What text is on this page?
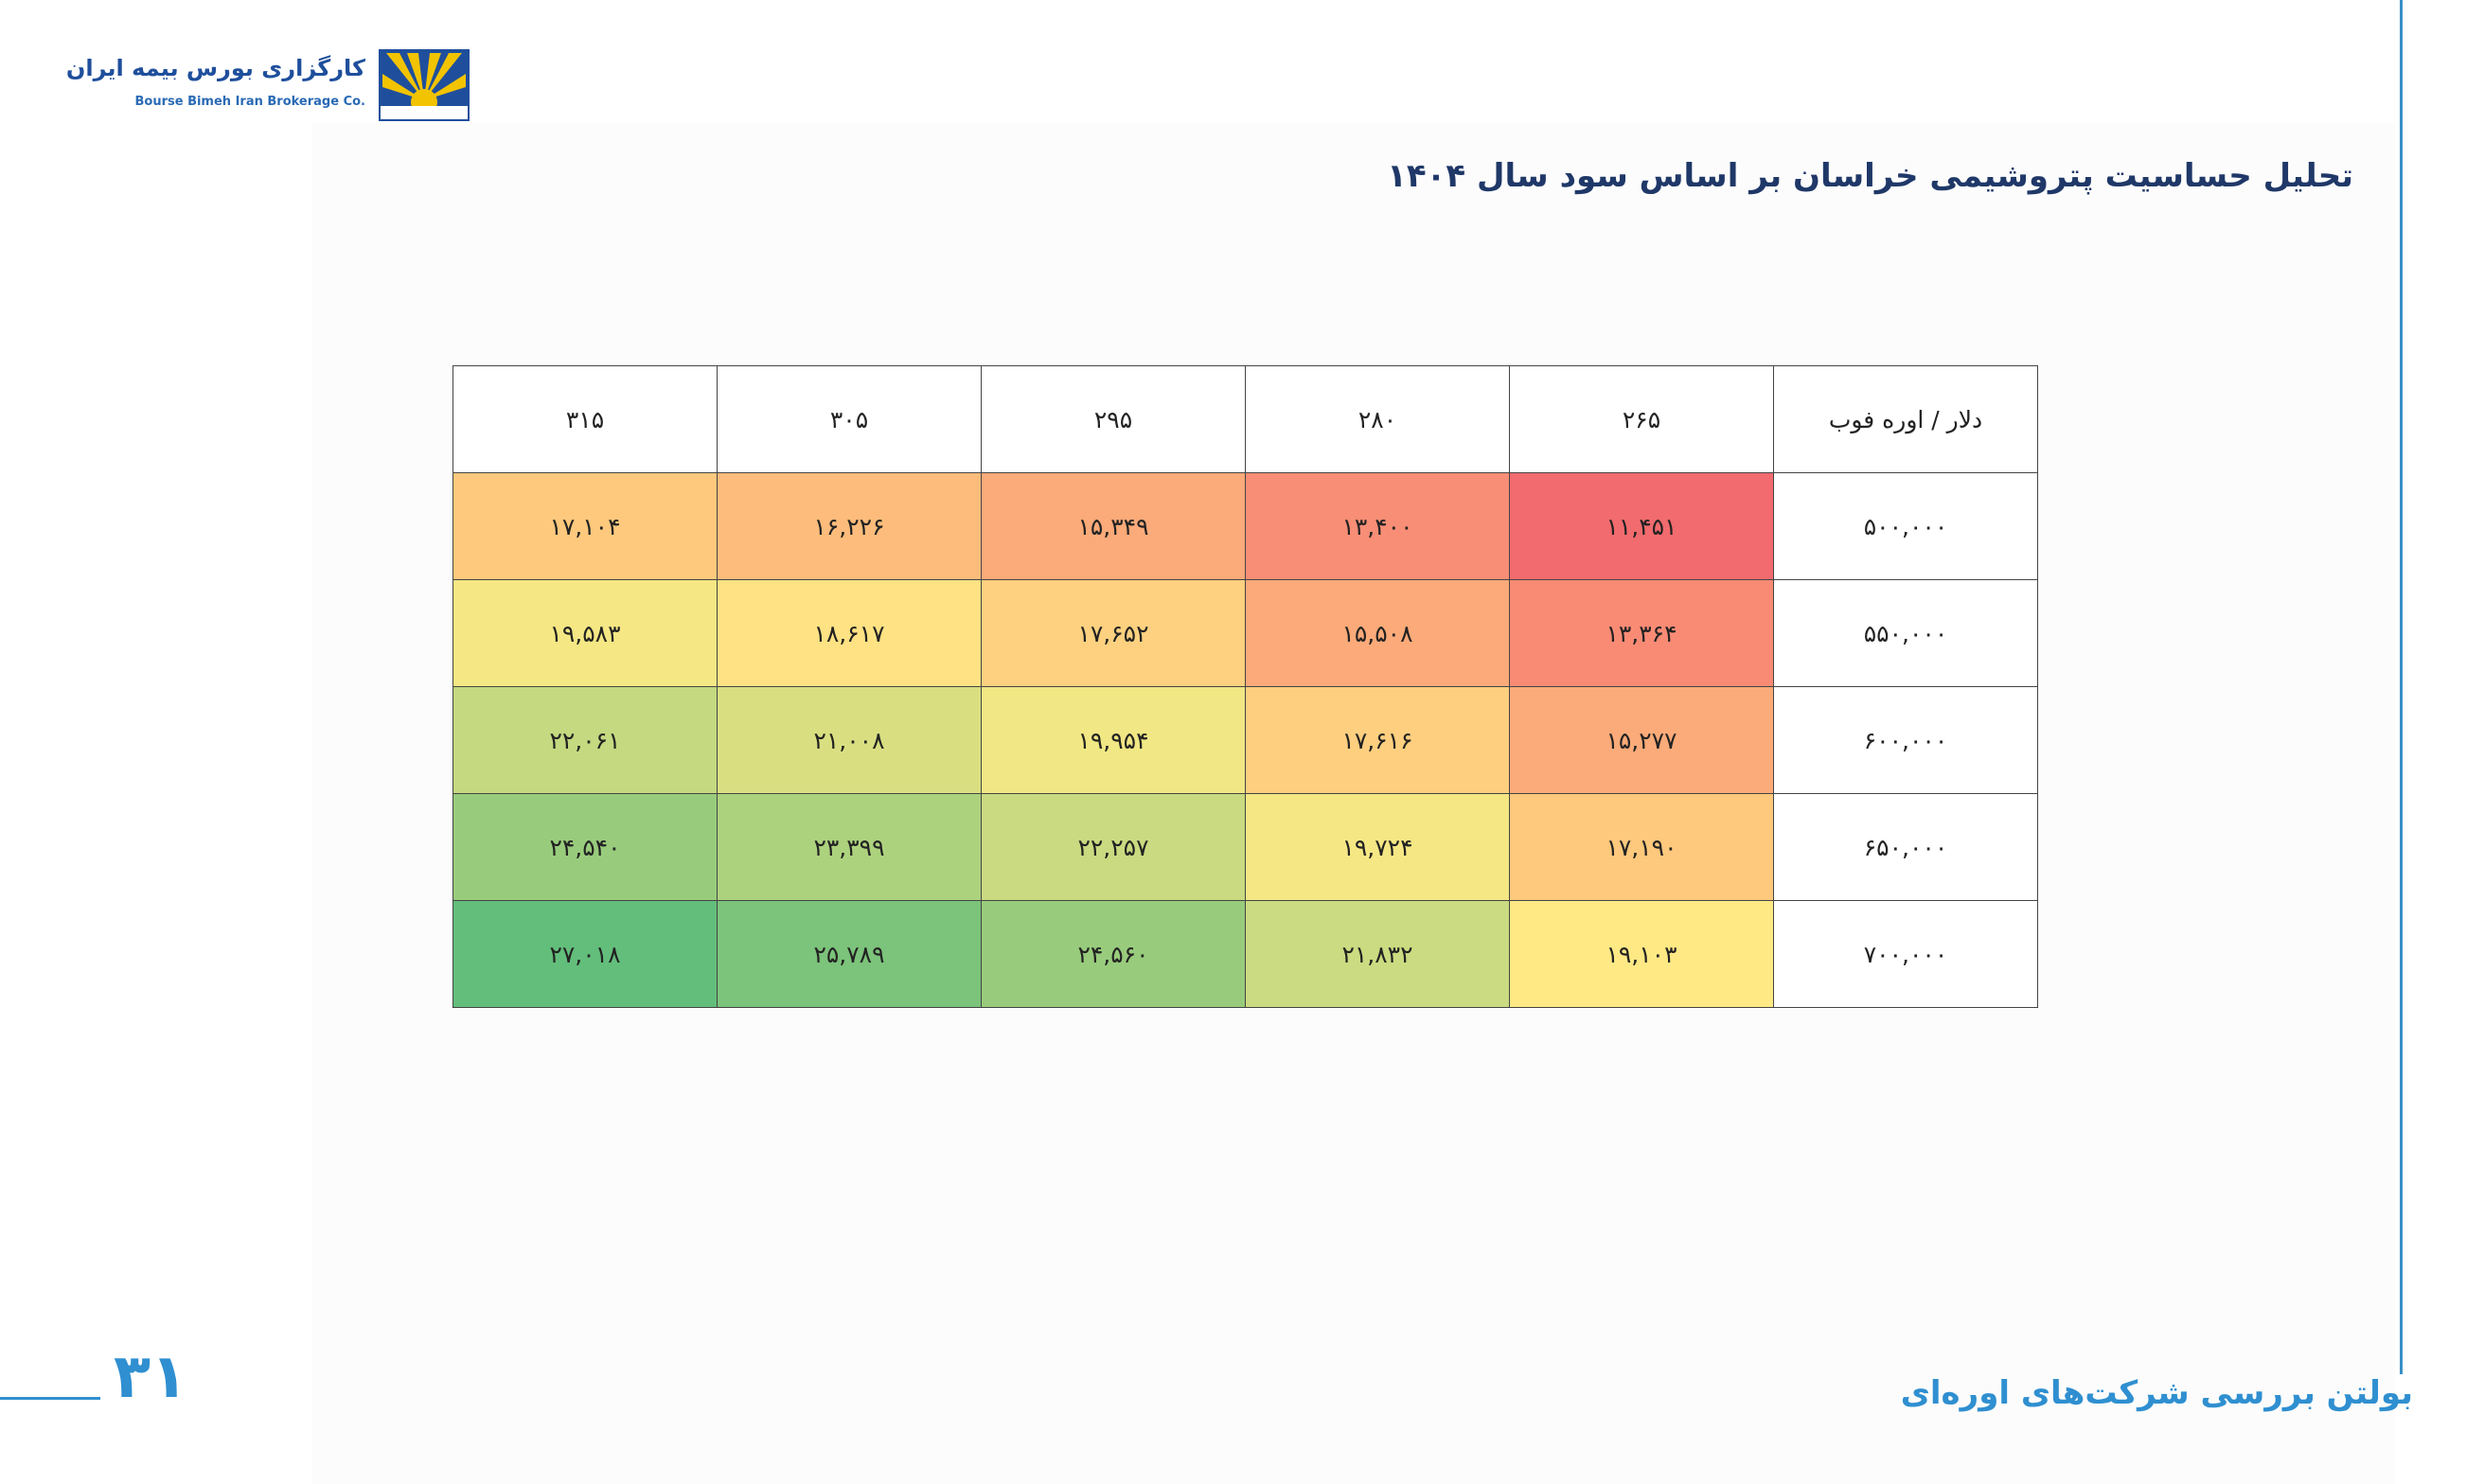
کارگزاری بورس بیمه ایران
Bourse Bimeh Iran Brokerage Co.
تحلیل حساسیت پتروشیمی خراسان بر اساس سود سال ۱۴۰۴
دلار / اوره فوب	۲۶۵	۲۸۰	۲۹۵	۳۰۵	۳۱۵
۵۰۰,۰۰۰	۱۱,۴۵۱	۱۳,۴۰۰	۱۵,۳۴۹	۱۶,۲۲۶	۱۷,۱۰۴
۵۵۰,۰۰۰	۱۳,۳۶۴	۱۵,۵۰۸	۱۷,۶۵۲	۱۸,۶۱۷	۱۹,۵۸۳
۶۰۰,۰۰۰	۱۵,۲۷۷	۱۷,۶۱۶	۱۹,۹۵۴	۲۱,۰۰۸	۲۲,۰۶۱
۶۵۰,۰۰۰	۱۷,۱۹۰	۱۹,۷۲۴	۲۲,۲۵۷	۲۳,۳۹۹	۲۴,۵۴۰
۷۰۰,۰۰۰	۱۹,۱۰۳	۲۱,۸۳۲	۲۴,۵۶۰	۲۵,۷۸۹	۲۷,۰۱۸
بولتن بررسی شرکت‌های اوره‌ای
۳۱
